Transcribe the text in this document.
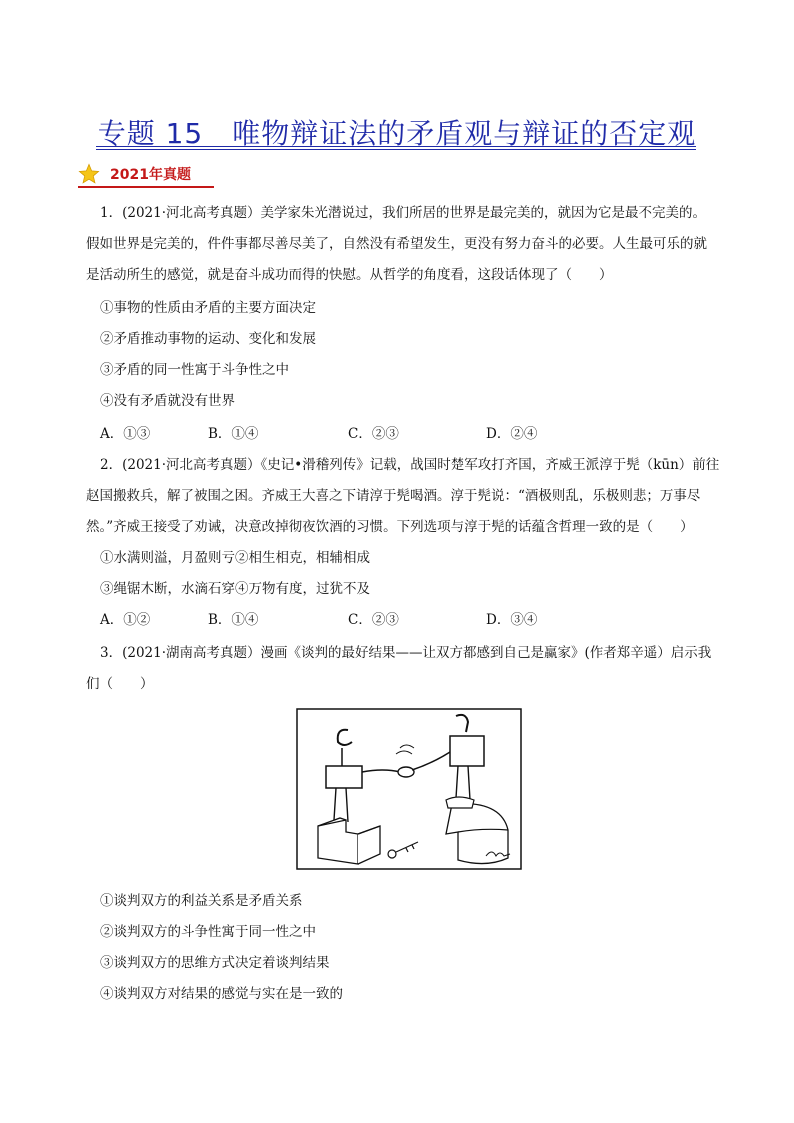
专题 15　唯物辩证法的矛盾观与辩证的否定观
2021年真题
1．(2021·河北高考真题）美学家朱光潜说过，我们所居的世界是最完美的，就因为它是最不完美的。
假如世界是完美的，件件事都尽善尽美了，自然没有希望发生，更没有努力奋斗的必要。人生最可乐的就
是活动所生的感觉，就是奋斗成功而得的快慰。从哲学的角度看，这段话体现了（　　）
①事物的性质由矛盾的主要方面决定
②矛盾推动事物的运动、变化和发展
③矛盾的同一性寓于斗争性之中
④没有矛盾就没有世界
A．①③	B．①④	C．②③	D．②④
2．(2021·河北高考真题）《史记•滑稽列传》记载，战国时楚军攻打齐国，齐威王派淳于髡（kūn）前往
赵国搬救兵，解了被围之困。齐威王大喜之下请淳于髡喝酒。淳于髡说：“酒极则乱，乐极则悲；万事尽
然。”齐威王接受了劝诫，决意改掉彻夜饮酒的习惯。下列选项与淳于髡的话蕴含哲理一致的是（　　）
①水满则溢，月盈则亏②相生相克，相辅相成
③绳锯木断，水滴石穿④万物有度，过犹不及
A．①②	B．①④	C．②③	D．③④
3．(2021·湖南高考真题）漫画《谈判的最好结果——让双方都感到自己是赢家》(作者郑辛遥）启示我
们（　　）
①谈判双方的利益关系是矛盾关系
②谈判双方的斗争性寓于同一性之中
③谈判双方的思维方式决定着谈判结果
④谈判双方对结果的感觉与实在是一致的
